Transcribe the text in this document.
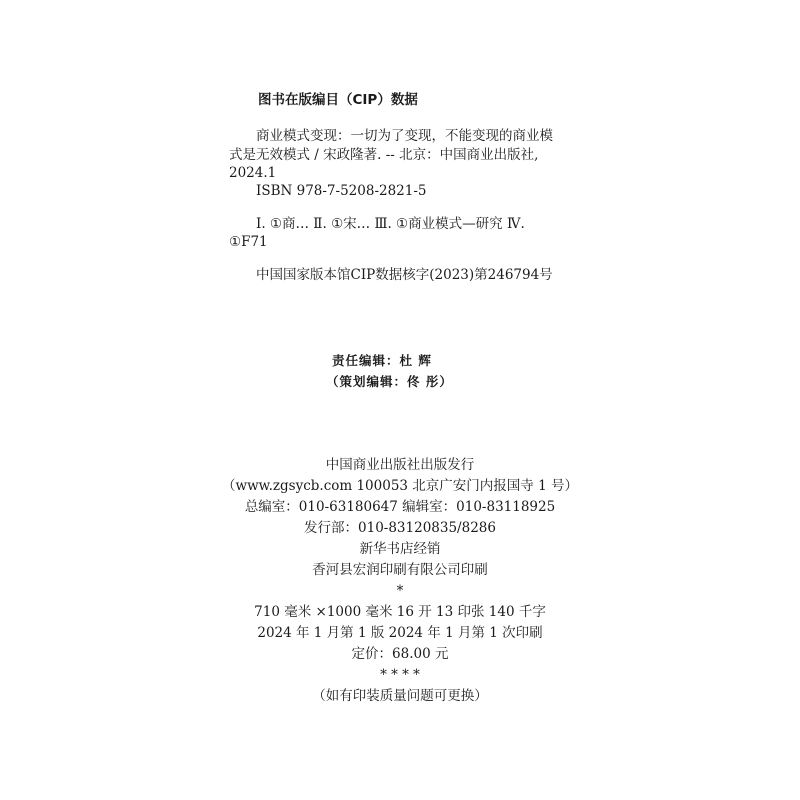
图书在版编目（CIP）数据
商业模式变现：一切为了变现，不能变现的商业模
式是无效模式 / 宋政隆著. -- 北京：中国商业出版社,
2024.1
ISBN 978-7-5208-2821-5
Ⅰ. ①商… Ⅱ. ①宋… Ⅲ. ①商业模式—研究 Ⅳ.
①F71
中国国家版本馆CIP数据核字(2023)第246794号
责任编辑：杜 辉
（策划编辑：佟 彤）
中国商业出版社出版发行
（www.zgsycb.com 100053 北京广安门内报国寺 1 号）
总编室：010-63180647 编辑室：010-83118925
发行部：010-83120835/8286
新华书店经销
香河县宏润印刷有限公司印刷
*
710 毫米 ×1000 毫米 16 开 13 印张 140 千字
2024 年 1 月第 1 版 2024 年 1 月第 1 次印刷
定价：68.00 元
* * * *
（如有印装质量问题可更换）
